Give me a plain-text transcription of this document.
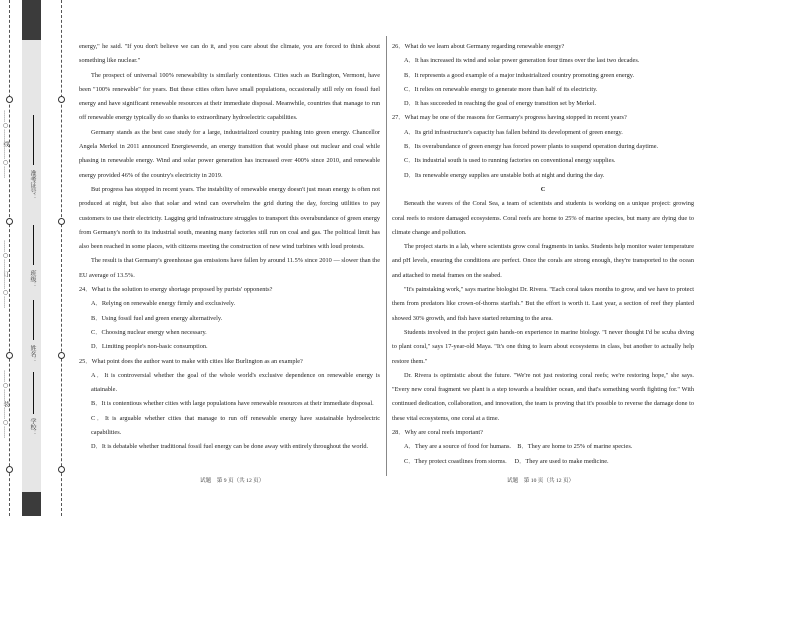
……○……线……○……
……○……订……○……
……○……装……○……
准考证号：
班级：
姓名：
学校：

energy," he said. "If you don't believe we can do it, and you care about the climate, you are forced to think about something like nuclear."

The prospect of universal 100% renewability is similarly contentious. Cities such as Burlington, Vermont, have been "100% renewable" for years. But these cities often have small populations, occasionally still rely on fossil fuel energy and have significant renewable resources at their immediate disposal. Meanwhile, countries that manage to run off renewable energy typically do so thanks to extraordinary hydroelectric capabilities.

Germany stands as the best case study for a large, industrialized country pushing into green energy. Chancellor Angela Merkel in 2011 announced Energiewende, an energy transition that would phase out nuclear and coal while phasing in renewable energy. Wind and solar power generation has increased over 400% since 2010, and renewable energy provided 46% of the country's electricity in 2019.

But progress has stopped in recent years. The instability of renewable energy doesn't just mean energy is often not produced at night, but also that solar and wind can overwhelm the grid during the day, forcing utilities to pay customers to use their electricity. Lagging grid infrastructure struggles to transport this overabundance of green energy from Germany's north to its industrial south, meaning many factories still run on coal and gas. The political limit has also been reached in some places, with citizens meeting the construction of new wind turbines with loud protests.

The result is that Germany's greenhouse gas emissions have fallen by around 11.5% since 2010 — slower than the EU average of 13.5%.

24．What is the solution to energy shortage proposed by purists' opponents?

A．Relying on renewable energy firmly and exclusively.

B．Using fossil fuel and green energy alternatively.

C．Choosing nuclear energy when necessary.

D．Limiting people's non-basic consumption.

25．What point does the author want to make with cities like Burlington as an example?

A．It is controversial whether the goal of the whole world's exclusive dependence on renewable energy is attainable.

B．It is contentious whether cities with large populations have renewable resources at their immediate disposal.

C．It is arguable whether cities that manage to run off renewable energy have sustainable hydroelectric capabilities.

D．It is debatable whether traditional fossil fuel energy can be done away with entirely throughout the world.

26．What do we learn about Germany regarding renewable energy?

A．It has increased its wind and solar power generation four times over the last two decades.

B．It represents a good example of a major industrialized country promoting green energy.

C．It relies on renewable energy to generate more than half of its electricity.

D．It has succeeded in reaching the goal of energy transition set by Merkel.

27．What may be one of the reasons for Germany's progress having stopped in recent years?

A．Its grid infrastructure's capacity has fallen behind its development of green energy.

B．Its overabundance of green energy has forced power plants to suspend operation during daytime.

C．Its industrial south is used to running factories on conventional energy supplies.

D．Its renewable energy supplies are unstable both at night and during the day.

C

Beneath the waves of the Coral Sea, a team of scientists and students is working on a unique project: growing coral reefs to restore damaged ecosystems. Coral reefs are home to 25% of marine species, but many are dying due to climate change and pollution.

The project starts in a lab, where scientists grow coral fragments in tanks. Students help monitor water temperature and pH levels, ensuring the conditions are perfect. Once the corals are strong enough, they're transported to the ocean and attached to metal frames on the seabed.

"It's painstaking work," says marine biologist Dr. Rivera. "Each coral takes months to grow, and we have to protect them from predators like crown-of-thorns starfish." But the effort is worth it. Last year, a section of reef they planted showed 30% growth, and fish have started returning to the area.

Students involved in the project gain hands-on experience in marine biology. "I never thought I'd be scuba diving to plant coral," says 17-year-old Maya. "It's one thing to learn about ecosystems in class, but another to actually help restore them."

Dr. Rivera is optimistic about the future. "We're not just restoring coral reefs; we're restoring hope," she says. "Every new coral fragment we plant is a step towards a healthier ocean, and that's something worth fighting for." With continued dedication, collaboration, and innovation, the team is proving that it's possible to reverse the damage done to these vital ecosystems, one coral at a time.

28．Why are coral reefs important?

A．They are a source of food for humans.　B．They are home to 25% of marine species.

C．They protect coastlines from storms.　 D．They are used to make medicine.

试题　第 9 页（共 12 页）	试题　第 10 页（共 12 页）
